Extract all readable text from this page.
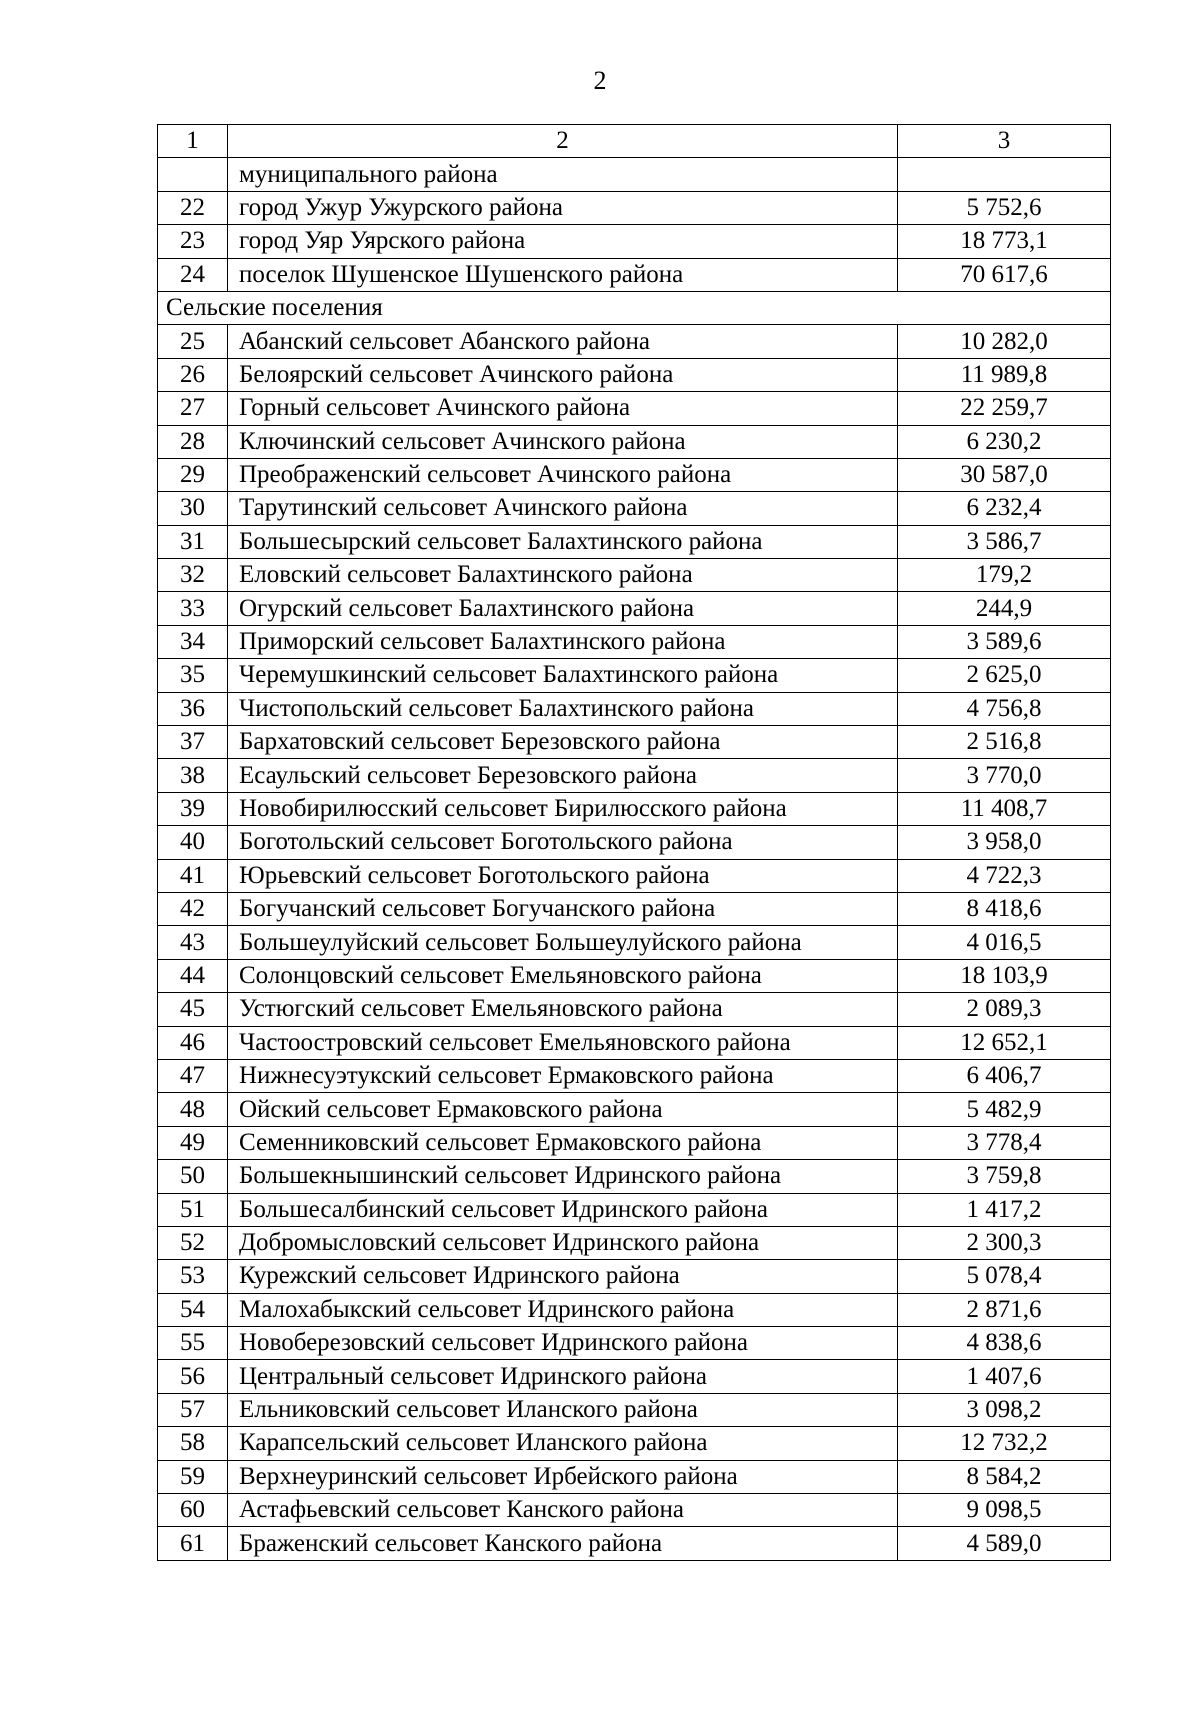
2
1	2	3
	муниципального района	
22	город Ужур Ужурского района	5 752,6
23	город Уяр Уярского района	18 773,1
24	поселок Шушенское Шушенского района	70 617,6
Сельские поселения		
25	Абанский сельсовет Абанского района	10 282,0
26	Белоярский сельсовет Ачинского района	11 989,8
27	Горный сельсовет Ачинского района	22 259,7
28	Ключинский сельсовет Ачинского района	6 230,2
29	Преображенский сельсовет Ачинского района	30 587,0
30	Тарутинский сельсовет Ачинского района	6 232,4
31	Большесырский сельсовет Балахтинского района	3 586,7
32	Еловский сельсовет Балахтинского района	179,2
33	Огурский сельсовет Балахтинского района	244,9
34	Приморский сельсовет Балахтинского района	3 589,6
35	Черемушкинский сельсовет Балахтинского района	2 625,0
36	Чистопольский сельсовет Балахтинского района	4 756,8
37	Бархатовский сельсовет Березовского района	2 516,8
38	Есаульский сельсовет Березовского района	3 770,0
39	Новобирилюсский сельсовет Бирилюсского района	11 408,7
40	Боготольский сельсовет Боготольского района	3 958,0
41	Юрьевский сельсовет Боготольского района	4 722,3
42	Богучанский сельсовет Богучанского района	8 418,6
43	Большеулуйский сельсовет Большеулуйского района	4 016,5
44	Солонцовский сельсовет Емельяновского района	18 103,9
45	Устюгский сельсовет Емельяновского района	2 089,3
46	Частоостровский сельсовет Емельяновского района	12 652,1
47	Нижнесуэтукский сельсовет Ермаковского района	6 406,7
48	Ойский сельсовет Ермаковского района	5 482,9
49	Семенниковский сельсовет Ермаковского района	3 778,4
50	Большекнышинский сельсовет Идринского района	3 759,8
51	Большесалбинский сельсовет Идринского района	1 417,2
52	Добромысловский сельсовет Идринского района	2 300,3
53	Курежский сельсовет Идринского района	5 078,4
54	Малохабыкский сельсовет Идринского района	2 871,6
55	Новоберезовский сельсовет Идринского района	4 838,6
56	Центральный сельсовет Идринского района	1 407,6
57	Ельниковский сельсовет Иланского района	3 098,2
58	Карапсельский сельсовет Иланского района	12 732,2
59	Верхнеуринский сельсовет Ирбейского района	8 584,2
60	Астафьевский сельсовет Канского района	9 098,5
61	Браженский сельсовет Канского района	4 589,0
